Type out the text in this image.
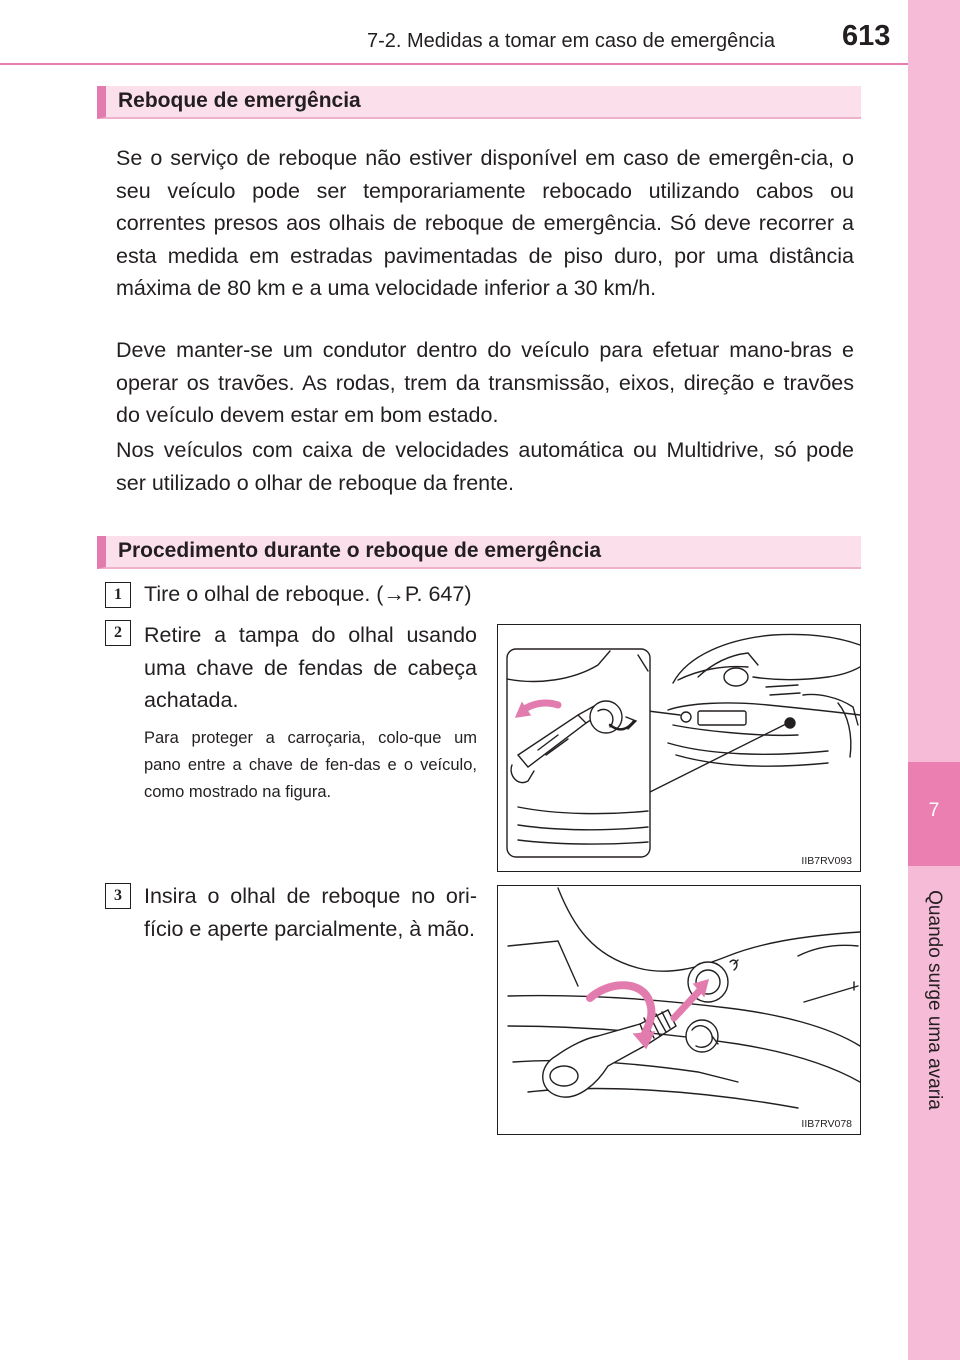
7-2. Medidas a tomar em caso de emergência 613
7
Quando surge uma avaria
Reboque de emergência

Se o serviço de reboque não estiver disponível em caso de emergên-cia, o seu veículo pode ser temporariamente rebocado utilizando cabos ou correntes presos aos olhais de reboque de emergência. Só deve recorrer a esta medida em estradas pavimentadas de piso duro, por uma distância máxima de 80 km e a uma velocidade inferior a 30 km/h.

Deve manter-se um condutor dentro do veículo para efetuar mano-bras e operar os travões. As rodas, trem da transmissão, eixos, direção e travões do veículo devem estar em bom estado.

Nos veículos com caixa de velocidades automática ou Multidrive, só pode ser utilizado o olhar de reboque da frente.

Procedimento durante o reboque de emergência
1	Tire o olhal de reboque. (→P. 647)

2	Retire a tampa do olhal usando uma chave de fendas de cabeça achatada.

Para proteger a carroçaria, colo-que um pano entre a chave de fen-das e o veículo, como mostrado na figura.

3	Insira o olhal de reboque no ori-fício e aperte parcialmente, à mão.

IIB7RV093
IIB7RV078
